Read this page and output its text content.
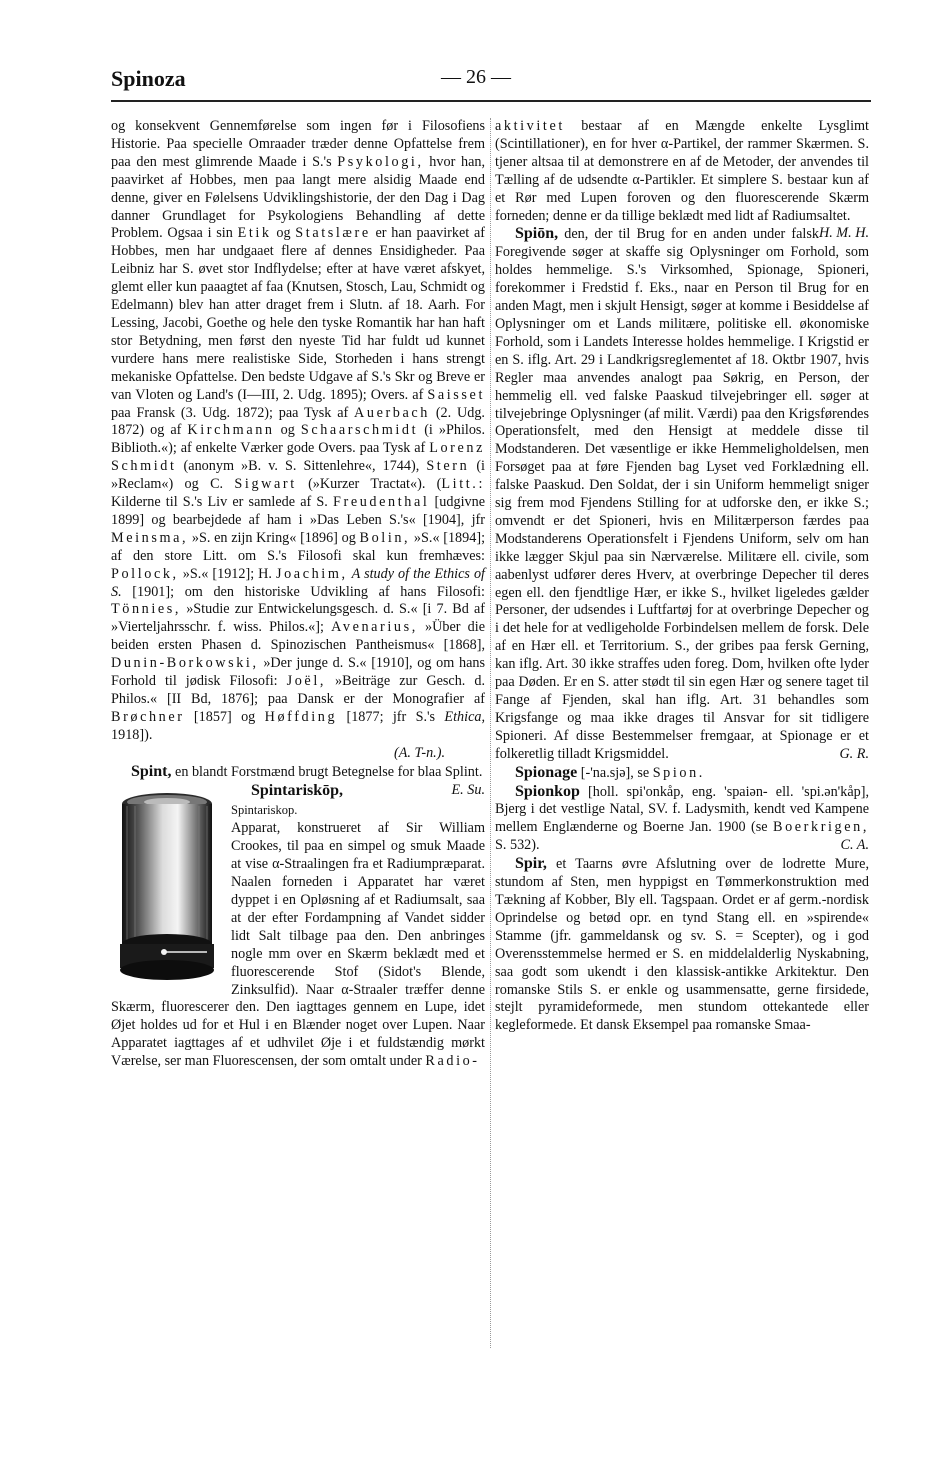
Spinoza	— 26 —

og konsekvent Gennemførelse som ingen før i Filosofiens Historie. Paa specielle Omraader træder denne Opfattelse frem paa den mest glimrende Maade i S.'s Psykologi, hvor han, paavirket af Hobbes, men paa langt mere alsidig Maade end denne, giver en Følelsens Udviklingshistorie, der den Dag i Dag danner Grundlaget for Psykologiens Behandling af dette Problem. Ogsaa i sin Etik og Statslære er han paavirket af Hobbes, men har undgaaet flere af dennes Ensidigheder. Paa Leibniz har S. øvet stor Indflydelse; efter at have været afskyet, glemt eller kun paaagtet af faa (Knutsen, Stosch, Lau, Schmidt og Edelmann) blev han atter draget frem i Slutn. af 18. Aarh. For Lessing, Jacobi, Goethe og hele den tyske Romantik har han haft stor Betydning, men først den nyeste Tid har fuldt ud kunnet vurdere hans mere realistiske Side, Storheden i hans strengt mekaniske Opfattelse. Den bedste Udgave af S.'s Skr og Breve er van Vloten og Land's (I—III, 2. Udg. 1895); Overs. af Saisset paa Fransk (3. Udg. 1872); paa Tysk af Auerbach (2. Udg. 1872) og af Kirchmann og Schaarschmidt (i »Philos. Biblioth.«); af enkelte Værker gode Overs. paa Tysk af Lorenz Schmidt (anonym »B. v. S. Sittenlehre«, 1744), Stern (i »Reclam«) og C. Sigwart (»Kurzer Tractat«). (Litt.: Kilderne til S.'s Liv er samlede af S. Freudenthal [udgivne 1899] og bearbejdede af ham i »Das Leben S.'s« [1904], jfr Meinsma, »S. en zijn Kring« [1896] og Bolin, »S.« [1894]; af den store Litt. om S.'s Filosofi skal kun fremhæves: Pollock, »S.« [1912]; H. Joachim, A study of the Ethics of S. [1901]; om den historiske Udvikling af hans Filosofi: Tönnies, »Studie zur Entwickelungsgesch. d. S.« [i 7. Bd af »Vierteljahrsschr. f. wiss. Philos.«]; Avenarius, »Über die beiden ersten Phasen d. Spinozischen Pantheismus« [1868], Dunin-Borkowski, »Der junge d. S.« [1910], og om hans Forhold til jødisk Filosofi: Joël, »Beiträge zur Gesch. d. Philos.« [II Bd, 1876]; paa Dansk er der Monografier af Brøchner [1857] og Høffding [1877; jfr S.'s Ethica, 1918]).

(A. T-n.).

Spint, en blandt Forstmænd brugt Betegnelse for blaa Splint.
E. Su.

Spintariskōp,

Spintariskop.
Apparat, konstrueret af Sir William Crookes, til paa en simpel og smuk Maade at vise α-Straalingen fra et Radiumpræparat. Naalen forneden i Apparatet har været dyppet i en Opløsning af et Radiumsalt, saa at der efter Fordampning af Vandet sidder lidt Salt tilbage paa den. Den anbringes nogle mm over en Skærm beklædt med et fluorescerende Stof (Sidot's Blende, Zinksulfid). Naar α-Straaler træffer denne Skærm, fluorescerer den. Den iagttages gennem en Lupe, idet Øjet holdes ud for et Hul i en Blænder noget over Lupen. Naar Apparatet iagttages af et udhvilet Øje i et fuldstændig mørkt Værelse, ser man Fluorescensen, der som omtalt under Radio-

aktivitet bestaar af en Mængde enkelte Lysglimt (Scintillationer), en for hver α-Partikel, der rammer Skærmen. S. tjener altsaa til at demonstrere en af de Metoder, der anvendes til Tælling af de udsendte α-Partikler. Et simplere S. bestaar kun af et Rør med Lupen foroven og den fluorescerende Skærm forneden; denne er da tillige beklædt med lidt af Radiumsaltet.
H. M. H.

Spiōn, den, der til Brug for en anden under falsk Foregivende søger at skaffe sig Oplysninger om Forhold, som holdes hemmelige. S.'s Virksomhed, Spionage, Spioneri, forekommer i Fredstid f. Eks., naar en Person til Brug for en anden Magt, men i skjult Hensigt, søger at komme i Besiddelse af Oplysninger om et Lands militære, politiske ell. økonomiske Forhold, som i Landets Interesse holdes hemmelige. I Krigstid er en S. iflg. Art. 29 i Landkrigsreglementet af 18. Oktbr 1907, hvis Regler maa anvendes analogt paa Søkrig, en Person, der hemmelig ell. ved falske Paaskud tilvejebringer ell. søger at tilvejebringe Oplysninger (af milit. Værdi) paa den Krigsførendes Operationsfelt, med den Hensigt at meddele disse til Modstanderen. Det væsentlige er ikke Hemmeligholdelsen, men Forsøget paa at føre Fjenden bag Lyset ved Forklædning ell. falske Paaskud. Den Soldat, der i sin Uniform hemmeligt sniger sig frem mod Fjendens Stilling for at udforske den, er ikke S.; omvendt er det Spioneri, hvis en Militærperson færdes paa Modstanderens Operationsfelt i Fjendens Uniform, selv om han ikke lægger Skjul paa sin Nærværelse. Militære ell. civile, som aabenlyst udfører deres Hverv, at overbringe Depecher til deres egen ell. den fjendtlige Hær, er ikke S., hvilket ligeledes gælder Personer, der udsendes i Luftfartøj for at overbringe Depecher og i det hele for at vedligeholde Forbindelsen mellem de forsk. Dele af en Hær ell. et Territorium. S., der gribes paa fersk Gerning, kan iflg. Art. 30 ikke straffes uden foreg. Dom, hvilken ofte lyder paa Døden. Er en S. atter stødt til sin egen Hær og senere taget til Fange af Fjenden, skal han iflg. Art. 31 behandles som Krigsfange og maa ikke drages til Ansvar for sit tidligere Spioneri. Af disse Bestemmelser fremgaar, at Spionage er et folkeretlig tilladt Krigsmiddel.	G. R.

Spionage [-'na.sjə], se Spion.

Spionkop [holl. spi'onkåp, eng. 'spaiən- ell. 'spi.ən'kåp], Bjerg i det vestlige Natal, SV. f. Ladysmith, kendt ved Kampene mellem Englænderne og Boerne Jan. 1900 (se Boerkrigen, S. 532).	C. A.

Spir, et Taarns øvre Afslutning over de lodrette Mure, stundom af Sten, men hyppigst en Tømmerkonstruktion med Tækning af Kobber, Bly ell. Tagspaan. Ordet er af germ.-nordisk Oprindelse og betød opr. en tynd Stang ell. en »spirende« Stamme (jfr. gammeldansk og sv. S. = Scepter), og i god Overensstemmelse hermed er S. en middelalderlig Nyskabning, saa godt som ukendt i den klassisk-antikke Arkitektur. Den romanske Stils S. er enkle og usammensatte, gerne firsidede, stejlt pyramideformede, men stundom ottekantede eller kegleformede. Et dansk Eksempel paa romanske Smaa-
